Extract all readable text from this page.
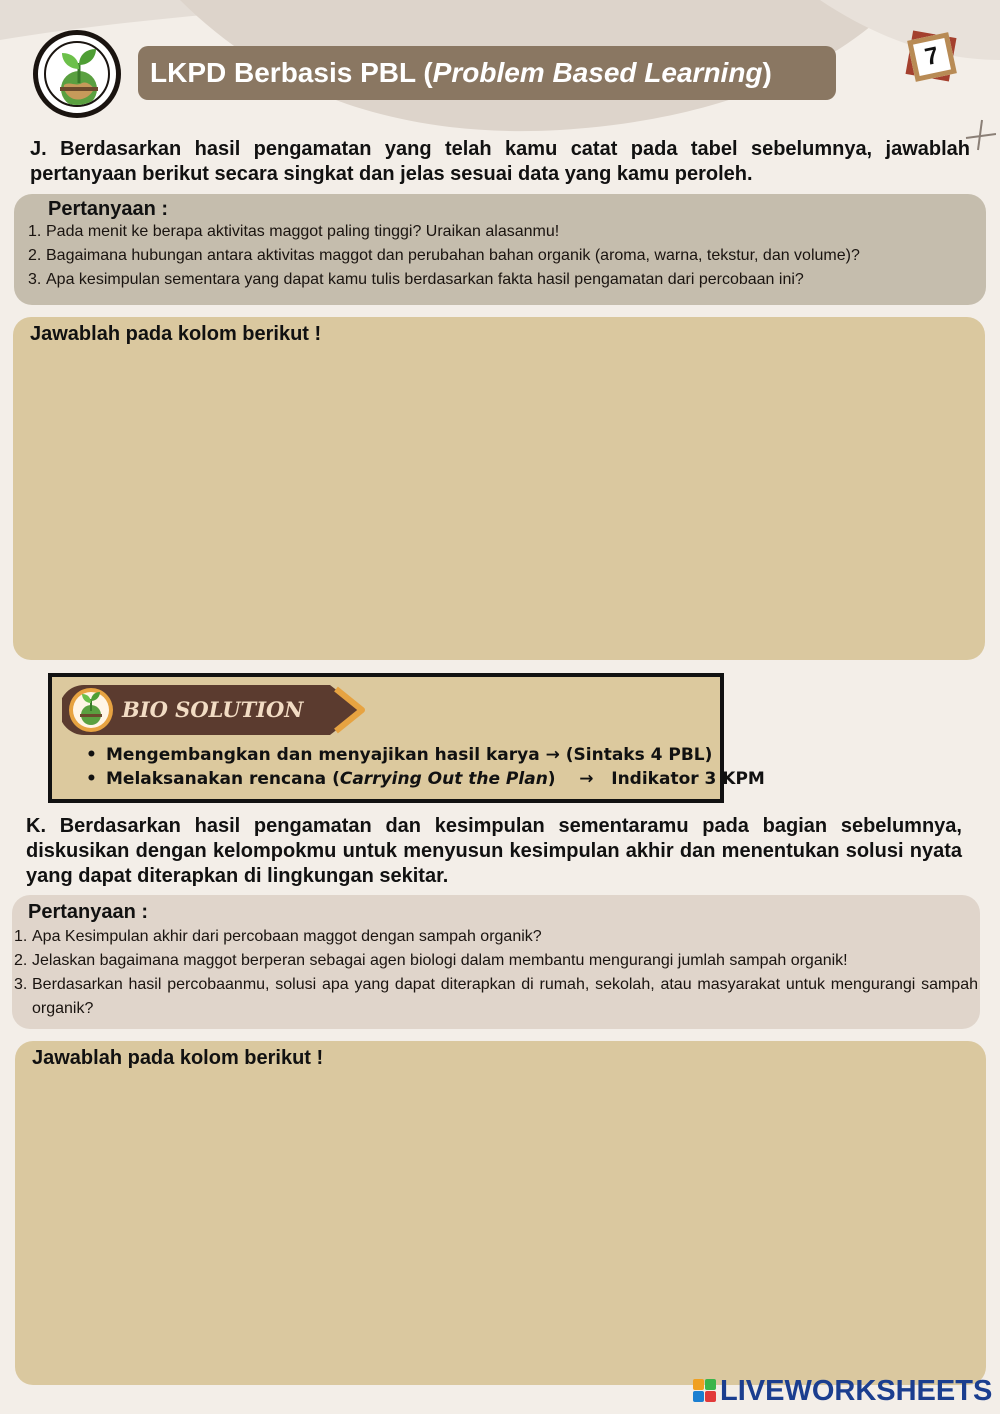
LKPD Berbasis PBL (Problem Based Learning)
7
J. Berdasarkan hasil pengamatan yang telah kamu catat pada tabel sebelumnya, jawablah pertanyaan berikut secara singkat dan jelas sesuai data yang kamu peroleh.
Pertanyaan :
1. Pada menit ke berapa aktivitas maggot paling tinggi? Uraikan alasanmu!
2. Bagaimana hubungan antara aktivitas maggot dan perubahan bahan organik (aroma, warna, tekstur, dan volume)?
3. Apa kesimpulan sementara yang dapat kamu tulis berdasarkan fakta hasil pengamatan dari percobaan ini?
Jawablah pada kolom berikut !
BIO SOLUTION
• Mengembangkan dan menyajikan hasil karya → (Sintaks 4 PBL)
• Melaksanakan rencana (Carrying Out the Plan)    →   Indikator 3 KPM
K. Berdasarkan hasil pengamatan dan kesimpulan sementaramu pada bagian sebelumnya, diskusikan dengan kelompokmu untuk menyusun kesimpulan akhir dan menentukan solusi nyata yang dapat diterapkan di lingkungan sekitar.
Pertanyaan :
1. Apa Kesimpulan akhir dari percobaan maggot dengan sampah organik?
2. Jelaskan bagaimana maggot berperan sebagai agen biologi dalam membantu mengurangi jumlah sampah organik!
3. Berdasarkan hasil percobaanmu, solusi apa yang dapat diterapkan di rumah, sekolah, atau masyarakat untuk mengurangi sampah organik?
Jawablah pada kolom berikut !
LIVEWORKSHEETS
